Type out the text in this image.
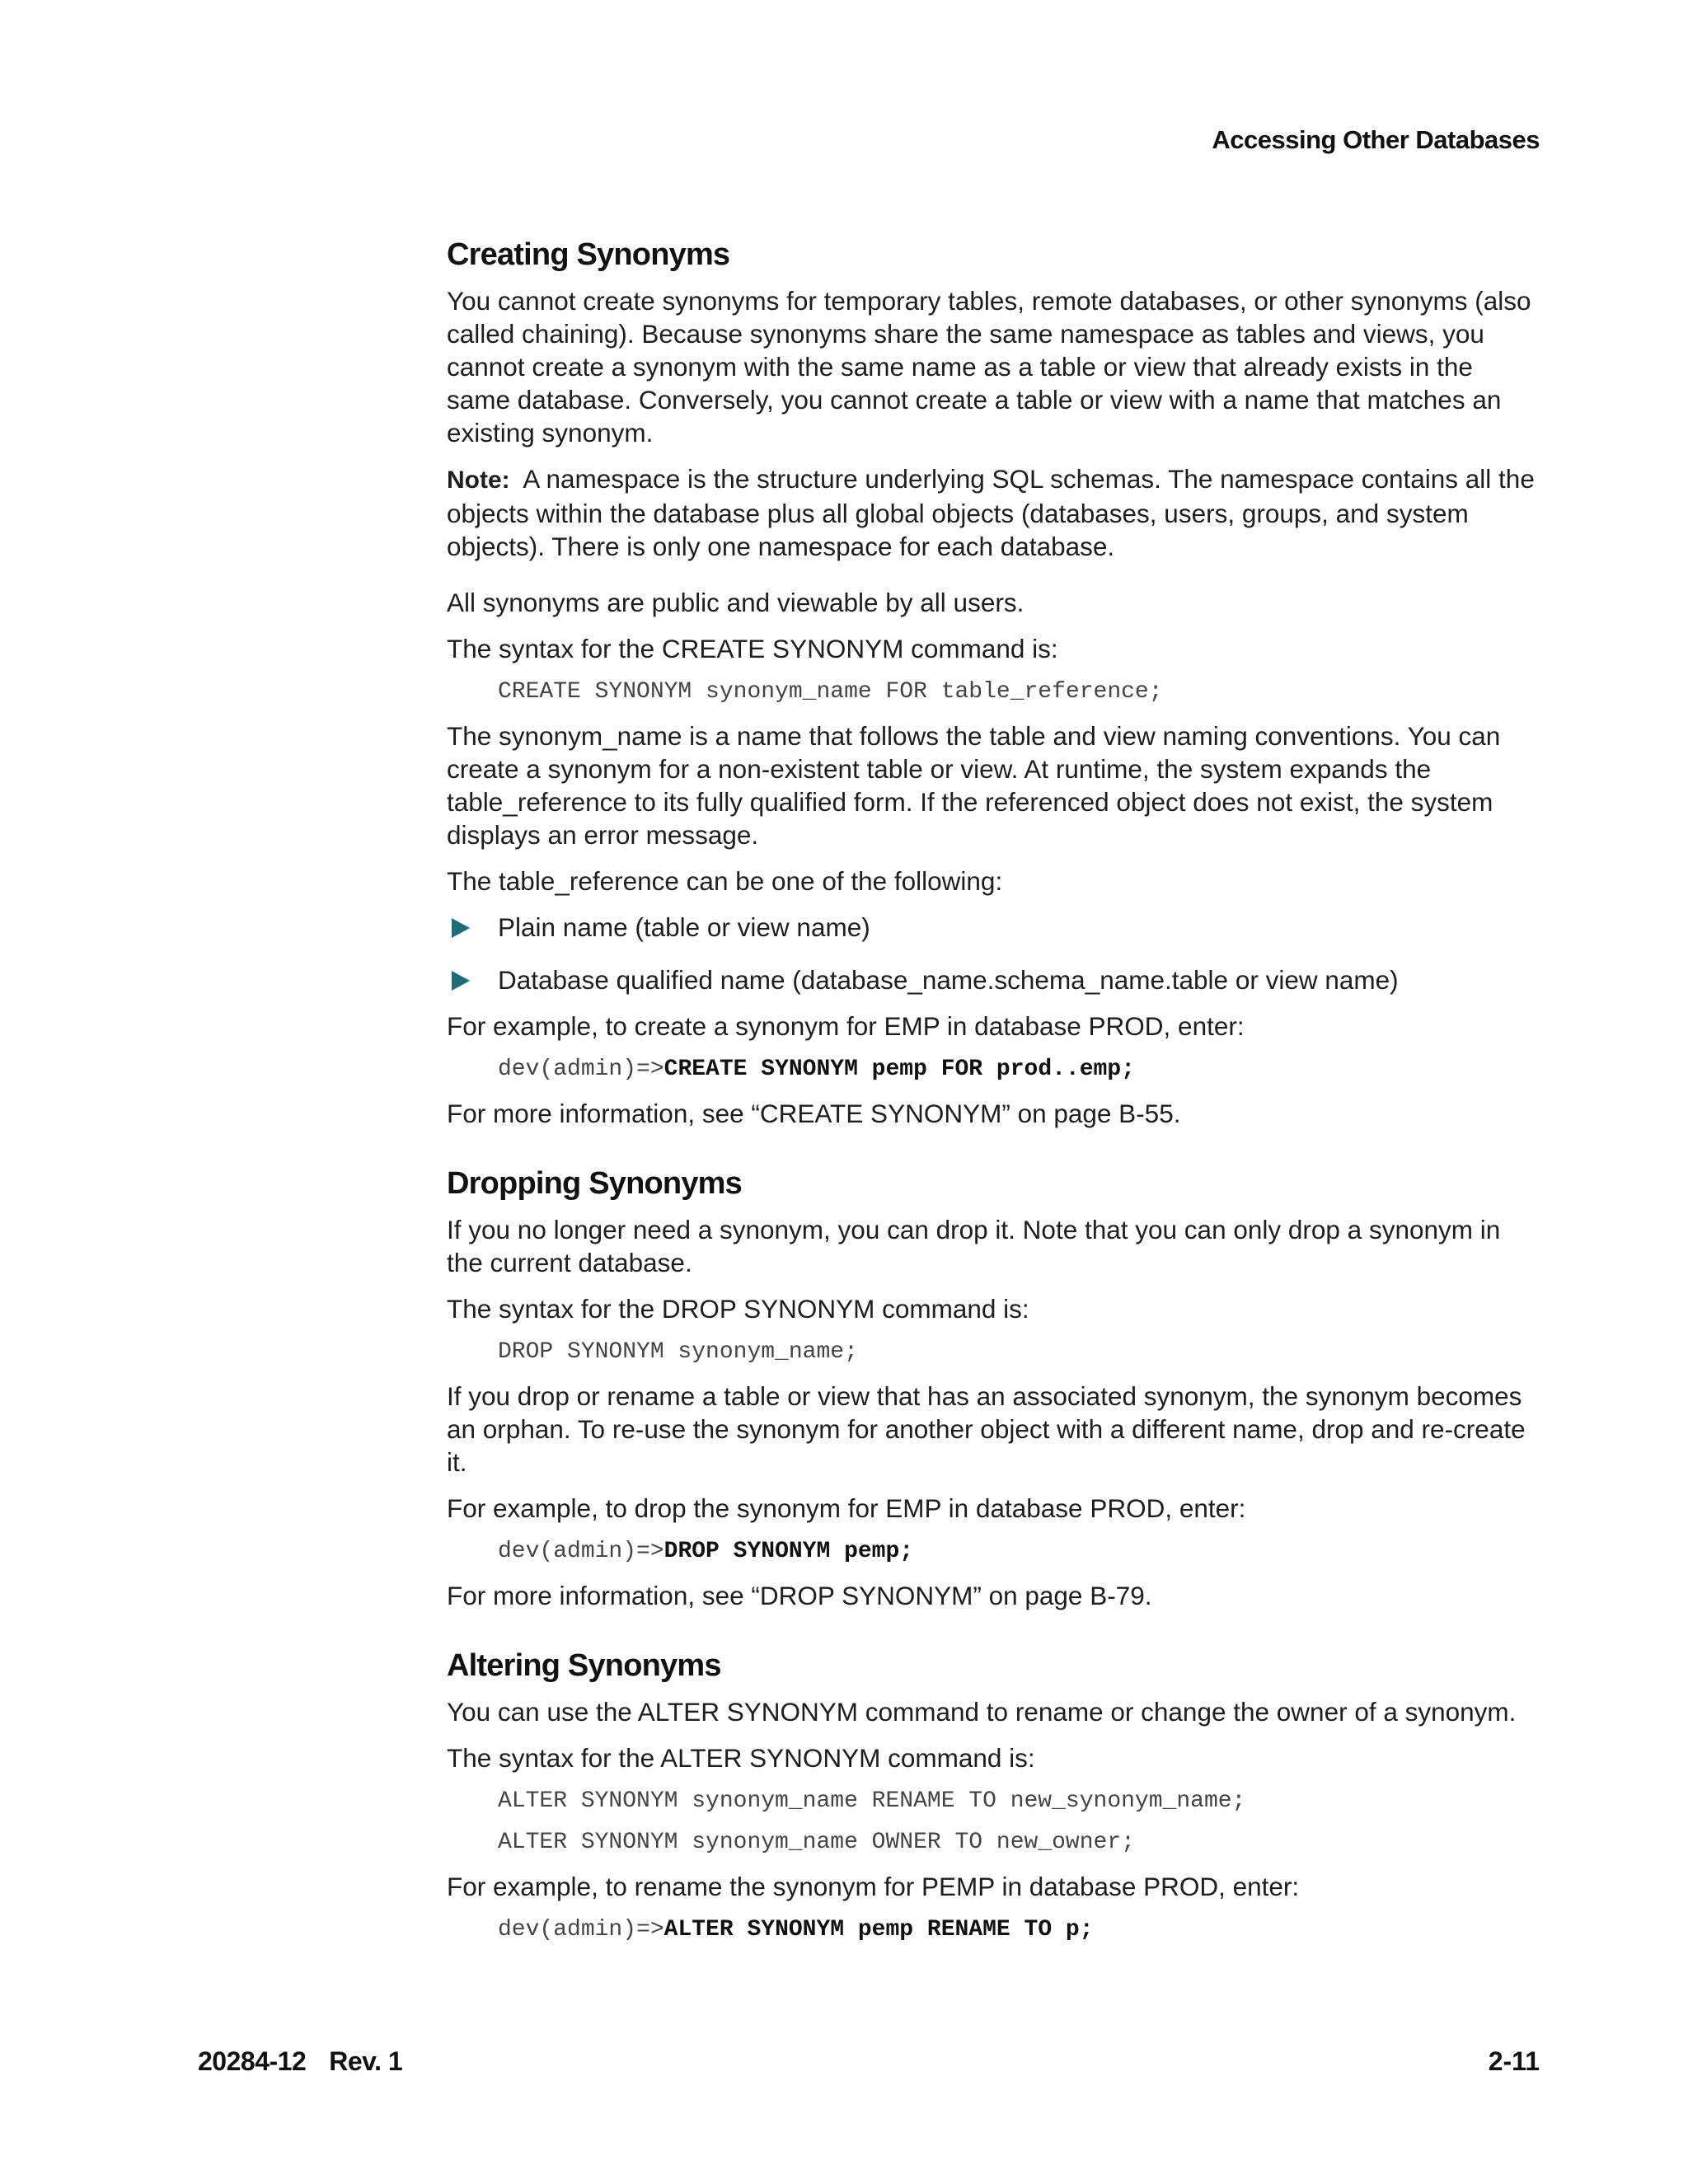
Accessing Other Databases
Creating Synonyms

You cannot create synonyms for temporary tables, remote databases, or other synonyms (also called chaining). Because synonyms share the same namespace as tables and views, you cannot create a synonym with the same name as a table or view that already exists in the same database. Conversely, you cannot create a table or view with a name that matches an existing synonym.

Note: A namespace is the structure underlying SQL schemas. The namespace contains all the objects within the database plus all global objects (databases, users, groups, and system objects). There is only one namespace for each database.

All synonyms are public and viewable by all users.

The syntax for the CREATE SYNONYM command is:

CREATE SYNONYM synonym_name FOR table_reference;

The synonym_name is a name that follows the table and view naming conventions. You can create a synonym for a non-existent table or view. At runtime, the system expands the table_reference to its fully qualified form. If the referenced object does not exist, the system displays an error message.

The table_reference can be one of the following:

Plain name (table or view name)
Database qualified name (database_name.schema_name.table or view name)

For example, to create a synonym for EMP in database PROD, enter:

dev(admin)=>CREATE SYNONYM pemp FOR prod..emp;

For more information, see “CREATE SYNONYM” on page B-55.

Dropping Synonyms

If you no longer need a synonym, you can drop it. Note that you can only drop a synonym in the current database.

The syntax for the DROP SYNONYM command is:

DROP SYNONYM synonym_name;

If you drop or rename a table or view that has an associated synonym, the synonym becomes an orphan. To re-use the synonym for another object with a different name, drop and re-create it.

For example, to drop the synonym for EMP in database PROD, enter:

dev(admin)=>DROP SYNONYM pemp;

For more information, see “DROP SYNONYM” on page B-79.

Altering Synonyms

You can use the ALTER SYNONYM command to rename or change the owner of a synonym.

The syntax for the ALTER SYNONYM command is:

ALTER SYNONYM synonym_name RENAME TO new_synonym_name;
ALTER SYNONYM synonym_name OWNER TO new_owner;

For example, to rename the synonym for PEMP in database PROD, enter:

dev(admin)=>ALTER SYNONYM pemp RENAME TO p;
20284-12 Rev. 1	2-11
